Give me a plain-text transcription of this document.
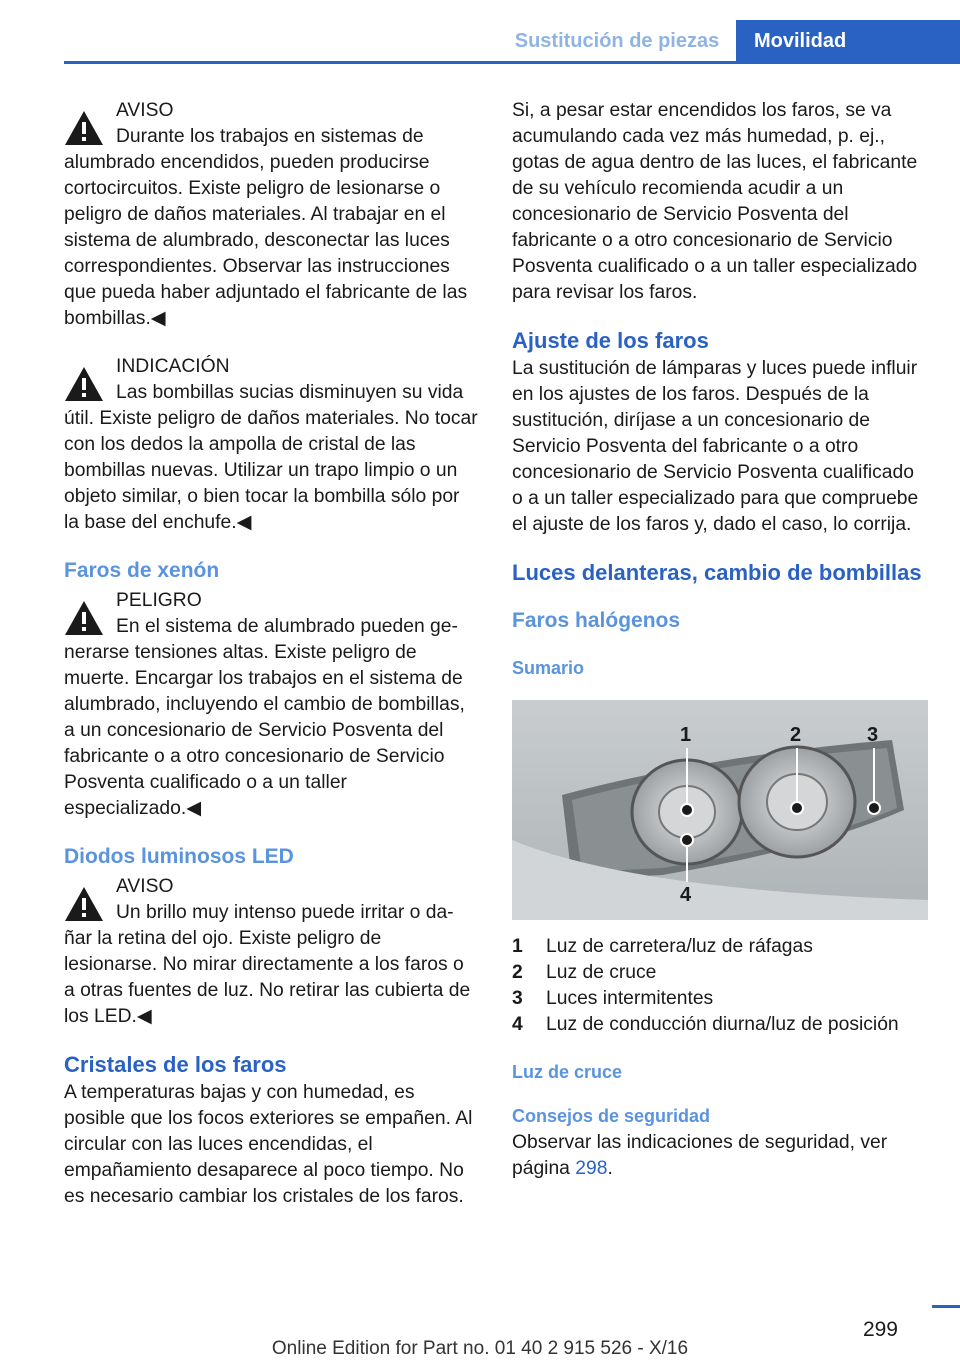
Sustitución de piezas	Movilidad

AVISO

Durante los trabajos en sistemas de

alumbrado encendidos, pueden producirse cortocircuitos. Existe peligro de lesionarse o peligro de daños materiales. Al trabajar en el sistema de alumbrado, desconectar las luces correspondientes. Observar las instrucciones que pueda haber adjuntado el fabricante de las bombillas.◀

INDICACIÓN

Las bombillas sucias disminuyen su vida

útil. Existe peligro de daños materiales. No tocar con los dedos la ampolla de cristal de las bombillas nuevas. Utilizar un trapo limpio o un objeto similar, o bien tocar la bombilla sólo por la base del enchufe.◀

Faros de xenón

PELIGRO

En el sistema de alumbrado pueden ge-

nerarse tensiones altas. Existe peligro de muerte. Encargar los trabajos en el sistema de alumbrado, incluyendo el cambio de bombillas, a un concesionario de Servicio Posventa del fabricante o a otro concesionario de Servicio Posventa cualificado o a un taller especializado.◀

Diodos luminosos LED

AVISO

Un brillo muy intenso puede irritar o da-

ñar la retina del ojo. Existe peligro de lesionarse. No mirar directamente a los faros o a otras fuentes de luz. No retirar las cubierta de los LED.◀

Cristales de los faros

A temperaturas bajas y con humedad, es posible que los focos exteriores se empañen. Al circular con las luces encendidas, el empañamiento desaparece al poco tiempo. No es necesario cambiar los cristales de los faros.

Si, a pesar estar encendidos los faros, se va acumulando cada vez más humedad, p. ej., gotas de agua dentro de las luces, el fabricante de su vehículo recomienda acudir a un concesionario de Servicio Posventa del fabricante o a otro concesionario de Servicio Posventa cualificado o a un taller especializado para revisar los faros.

Ajuste de los faros

La sustitución de lámparas y luces puede influir en los ajustes de los faros. Después de la sustitución, diríjase a un concesionario de Servicio Posventa del fabricante o a otro concesionario de Servicio Posventa cualificado o a un taller especializado para que compruebe el ajuste de los faros y, dado el caso, lo corrija.

Luces delanteras, cambio de bombillas
Faros halógenos
Sumario
1	2	3
4
1	Luz de carretera/luz de ráfagas
2	Luz de cruce
3	Luces intermitentes
4	Luz de conducción diurna/luz de posición
Luz de cruce
Consejos de seguridad

Observar las indicaciones de seguridad, ver página 298.

299
Online Edition for Part no. 01 40 2 915 526 - X/16
